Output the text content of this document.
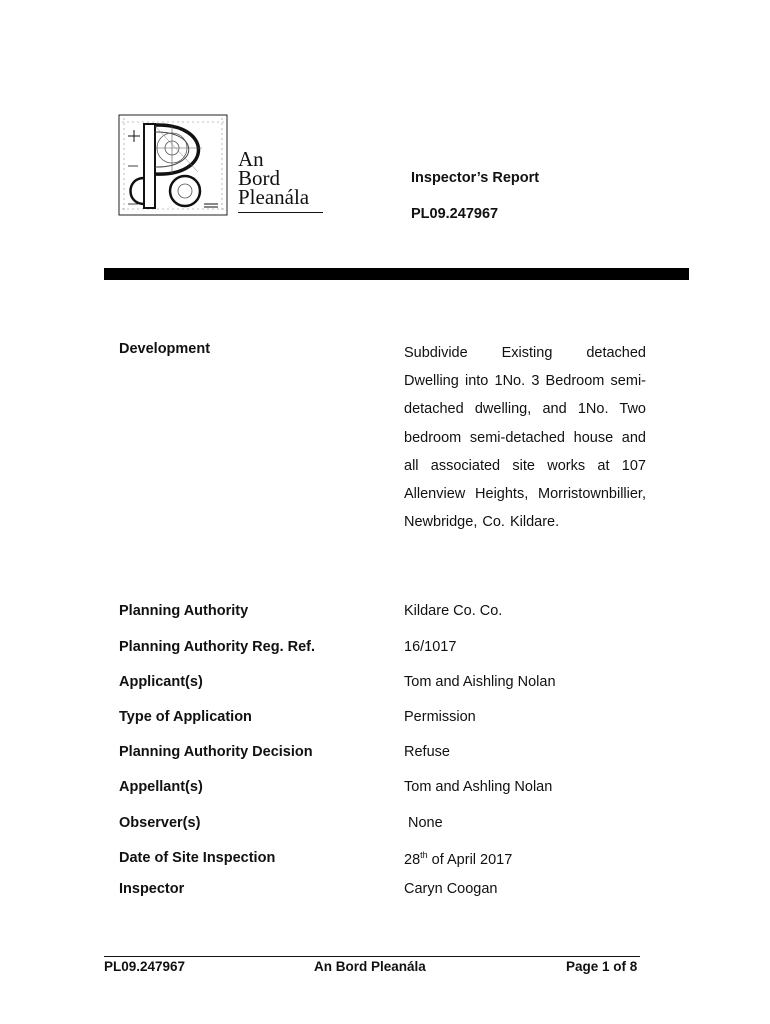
An
Bord
Pleanála
Inspector’s Report
PL09.247967
Development	Subdivide Existing detached Dwelling into 1No. 3 Bedroom semi-detached dwelling, and 1No. Two bedroom semi-detached house and all associated site works at 107 Allenview Heights, Morristownbillier, Newbridge, Co. Kildare.
Planning Authority	Kildare Co. Co.
Planning Authority Reg. Ref.	16/1017
Applicant(s)	Tom and Aishling Nolan
Type of Application	Permission
Planning Authority Decision	Refuse
Appellant(s)	Tom and Ashling Nolan
Observer(s)	None
Date of Site Inspection	28th of April 2017
Inspector	Caryn Coogan
PL09.247967	An Bord Pleanála	Page 1 of 8
